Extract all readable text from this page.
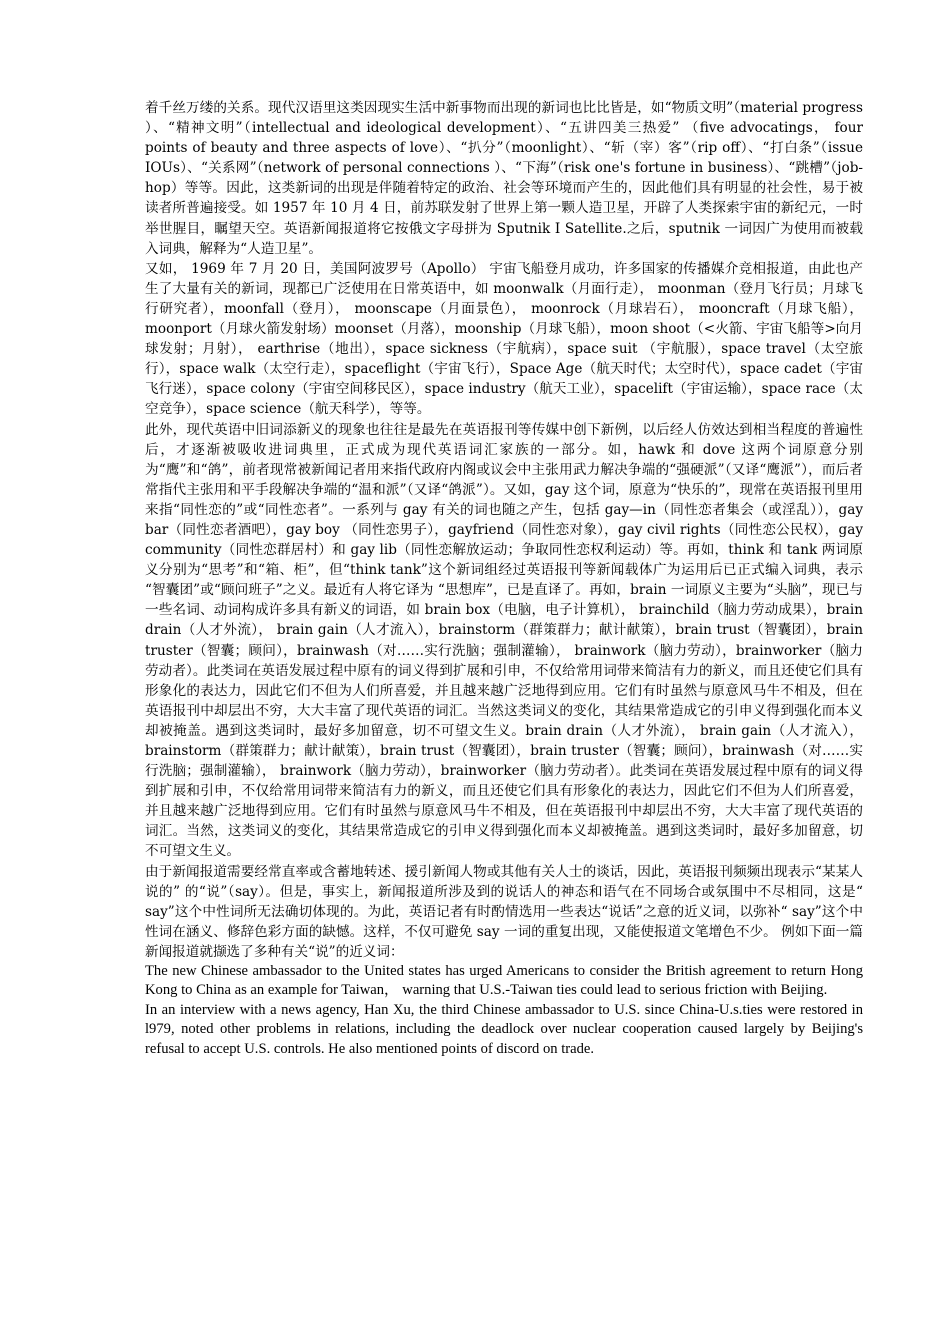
着千丝万缕的关系。现代汉语里这类因现实生活中新事物而出现的新词也比比皆是，如“物质文明”（material progress ）、“精神文明”（intellectual and ideological development）、“五讲四美三热爱” （five advocatings， four points of beauty and three aspects of love）、“扒分”（moonlight）、“斩（宰）客”（rip off）、“打白条”（issue IOUs）、“关系网”（network of personal connections ）、“下海”（risk one's fortune in business）、“跳槽”（job-hop）等等。因此，这类新词的出现是伴随着特定的政治、社会等环境而产生的，因此他们具有明显的社会性，易于被读者所普遍接受。如 1957 年 10 月 4 日，前苏联发射了世界上第一颗人造卫星，开辟了人类探索宇宙的新纪元，一时举世腥目，瞩望天空。英语新闻报道将它按俄文字母拼为 Sputnik I Satellite.之后，sputnik 一词因广为使用而被载入词典，解释为“人造卫星”。

又如， 1969 年 7 月 20 日，美国阿波罗号（Apollo） 宇宙飞船登月成功，许多国家的传播媒介竞相报道，由此也产生了大量有关的新词，现都已广泛使用在日常英语中，如 moonwalk（月面行走）， moonman（登月飞行员；月球飞行研究者），moonfall（登月）， moonscape（月面景色）， moonrock（月球岩石）， mooncraft（月球飞船），moonport（月球火箭发射场）moonset（月落），moonship（月球飞船），moon shoot（<火箭、宇宙飞船等>向月球发射；月射）， earthrise（地出），space sickness（宇航病），space suit （宇航服），space travel（太空旅行），space walk（太空行走），spaceflight（宇宙飞行），Space Age（航天时代；太空时代），space cadet（宇宙飞行迷），space colony（宇宙空间移民区），space industry（航天工业），spacelift（宇宙运输），space race（太空竞争），space science（航天科学），等等。

此外，现代英语中旧词添新义的现象也往往是最先在英语报刊等传媒中创下新例，以后经人仿效达到相当程度的普遍性后，才逐渐被吸收进词典里，正式成为现代英语词汇家族的一部分。如，hawk 和 dove 这两个词原意分别为“鹰”和“鸽”，前者现常被新闻记者用来指代政府内阁或议会中主张用武力解决争端的“强硬派”（又译“鹰派”），而后者常指代主张用和平手段解决争端的“温和派”（又译“鸽派”）。又如，gay 这个词，原意为“快乐的”，现常在英语报刊里用来指“同性恋的”或“同性恋者”。一系列与 gay 有关的词也随之产生，包括 gay—in（同性恋者集会（或淫乱）），gay bar（同性恋者酒吧），gay boy （同性恋男子），gayfriend（同性恋对象），gay civil rights（同性恋公民权），gay community（同性恋群居村）和 gay lib（同性恋解放运动；争取同性恋权利运动）等。再如，think 和 tank 两词原义分别为“思考”和“箱、柜”，但“think tank”这个新词组经过英语报刊等新闻载体广为运用后已正式编入词典，表示 “智囊团”或“顾问班子”之义。最近有人将它译为 “思想库”，已是直译了。再如，brain 一词原义主要为“头脑”，现已与一些名词、动词构成许多具有新义的词语，如 brain box（电脑，电子计算机）， brainchild（脑力劳动成果），brain drain（人才外流）， brain gain（人才流入），brainstorm（群策群力；献计献策），brain trust（智囊团），brain truster（智囊；顾问），brainwash（对……实行洗脑；强制灌输）， brainwork（脑力劳动），brainworker（脑力劳动者）。此类词在英语发展过程中原有的词义得到扩展和引申，不仅给常用词带来简洁有力的新义，而且还使它们具有形象化的表达力，因此它们不但为人们所喜爱，并且越来越广泛地得到应用。它们有时虽然与原意风马牛不相及，但在英语报刊中却层出不穷，大大丰富了现代英语的词汇。当然这类词义的变化，其结果常造成它的引申义得到强化而本义却被掩盖。遇到这类词时，最好多加留意，切不可望文生义。brain drain（人才外流）， brain gain（人才流入），brainstorm（群策群力；献计献策），brain trust（智囊团），brain truster（智囊；顾问），brainwash（对……实行洗脑；强制灌输）， brainwork（脑力劳动），brainworker（脑力劳动者）。此类词在英语发展过程中原有的词义得到扩展和引申，不仅给常用词带来简洁有力的新义，而且还使它们具有形象化的表达力，因此它们不但为人们所喜爱，并且越来越广泛地得到应用。它们有时虽然与原意风马牛不相及，但在英语报刊中却层出不穷，大大丰富了现代英语的词汇。当然，这类词义的变化，其结果常造成它的引申义得到强化而本义却被掩盖。遇到这类词时，最好多加留意，切不可望文生义。

由于新闻报道需要经常直率或含蓄地转述、援引新闻人物或其他有关人士的谈话，因此，英语报刊频频出现表示“某某人说的” 的“说”（say）。但是，事实上，新闻报道所涉及到的说话人的神态和语气在不同场合或氛围中不尽相同，这是“ say”这个中性词所无法确切体现的。为此，英语记者有时酌情选用一些表达“说话”之意的近义词，以弥补“ say”这个中性词在涵义、修辞色彩方面的缺憾。这样，不仅可避免 say 一词的重复出现，又能使报道文笔增色不少。 例如下面一篇新闻报道就撷选了多种有关“说”的近义词：

The new Chinese ambassador to the United states has urged Americans to consider the British agreement to return Hong Kong to China as an example for Taiwan， warning that U.S.-Taiwan ties could lead to serious friction with Beijing.

In an interview with a news agency, Han Xu, the third Chinese ambassador to U.S. since China-U.s.ties were restored in l979, noted other problems in relations, including the deadlock over nuclear cooperation caused largely by Beijing's refusal to accept U.S. controls. He also mentioned points of discord on trade.
